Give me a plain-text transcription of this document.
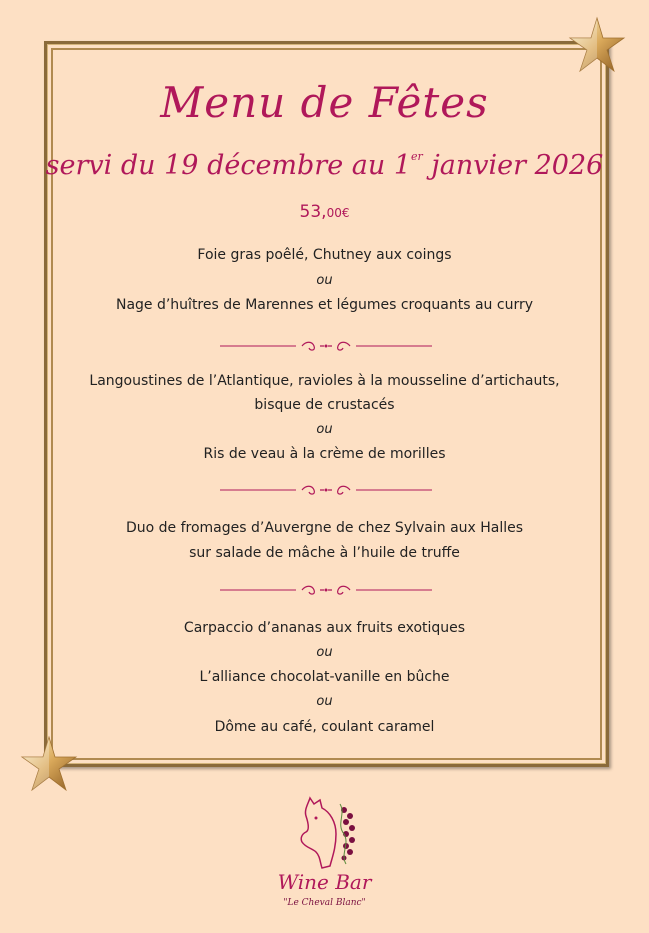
Menu de Fêtes
servi du 19 décembre au 1er janvier 2026
53,00€
Foie gras poêlé, Chutney aux coings
ou
Nage d’huîtres de Marennes et légumes croquants au curry
Langoustines de l’Atlantique, ravioles à la mousseline d’artichauts,
bisque de crustacés
ou
Ris de veau à la crème de morilles
Duo de fromages d’Auvergne de chez Sylvain aux Halles
sur salade de mâche à l’huile de truffe
Carpaccio d’ananas aux fruits exotiques
ou
L’alliance chocolat-vanille en bûche
ou
Dôme au café, coulant caramel
Wine Bar
"Le Cheval Blanc"
